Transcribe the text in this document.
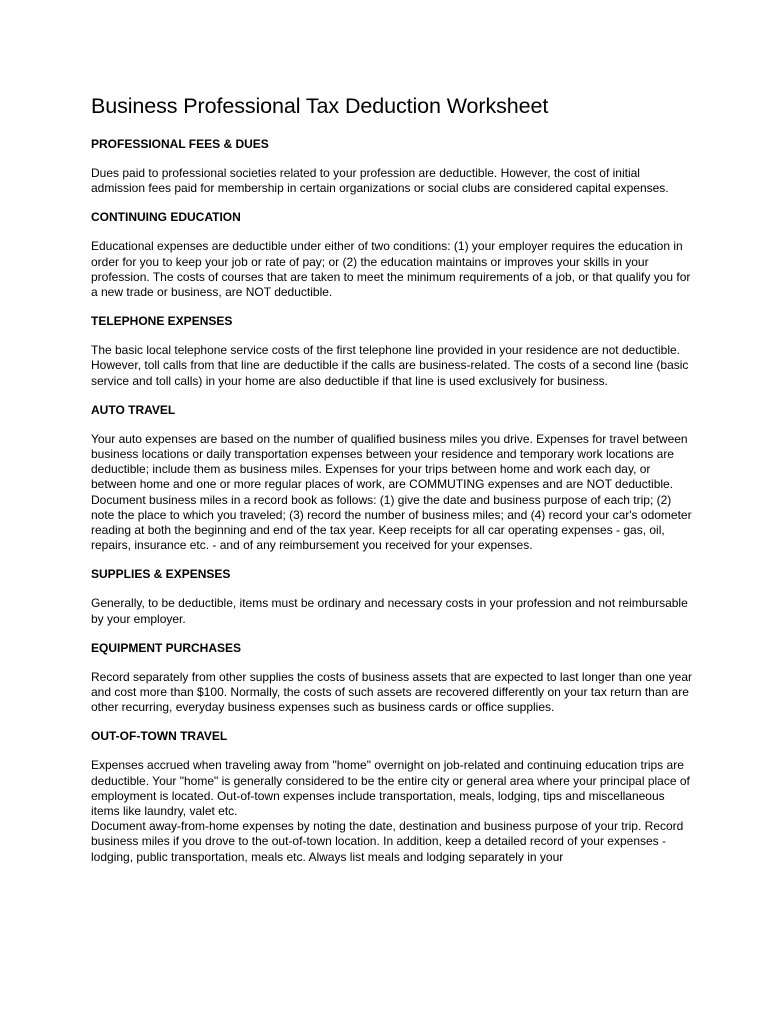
Business Professional Tax Deduction Worksheet
PROFESSIONAL FEES & DUES

Dues paid to professional societies related to your profession are deductible. However, the cost of initial admission fees paid for membership in certain organizations or social clubs are considered capital expenses.

CONTINUING EDUCATION

Educational expenses are deductible under either of two conditions: (1) your employer requires the education in order for you to keep your job or rate of pay; or (2) the education maintains or improves your skills in your profession. The costs of courses that are taken to meet the minimum requirements of a job, or that qualify you for a new trade or business, are NOT deductible.

TELEPHONE EXPENSES

The basic local telephone service costs of the first telephone line provided in your residence are not deductible. However, toll calls from that line are deductible if the calls are business-related. The costs of a second line (basic service and toll calls) in your home are also deductible if that line is used exclusively for business.

AUTO TRAVEL

Your auto expenses are based on the number of qualified business miles you drive. Expenses for travel between business locations or daily transportation expenses between your residence and temporary work locations are deductible; include them as business miles. Expenses for your trips between home and work each day, or between home and one or more regular places of work, are COMMUTING expenses and are NOT deductible.

Document business miles in a record book as follows: (1) give the date and business purpose of each trip; (2) note the place to which you traveled; (3) record the number of business miles; and (4) record your car's odometer reading at both the beginning and end of the tax year. Keep receipts for all car operating expenses - gas, oil, repairs, insurance etc. - and of any reimbursement you received for your expenses.

SUPPLIES & EXPENSES

Generally, to be deductible, items must be ordinary and necessary costs in your profession and not reimbursable by your employer.

EQUIPMENT PURCHASES

Record separately from other supplies the costs of business assets that are expected to last longer than one year and cost more than $100. Normally, the costs of such assets are recovered differently on your tax return than are other recurring, everyday business expenses such as business cards or office supplies.

OUT-OF-TOWN TRAVEL

Expenses accrued when traveling away from "home" overnight on job-related and continuing education trips are deductible. Your "home" is generally considered to be the entire city or general area where your principal place of employment is located. Out-of-town expenses include transportation, meals, lodging, tips and miscellaneous items like laundry, valet etc.

Document away-from-home expenses by noting the date, destination and business purpose of your trip. Record business miles if you drove to the out-of-town location. In addition, keep a detailed record of your expenses - lodging, public transportation, meals etc. Always list meals and lodging separately in your
